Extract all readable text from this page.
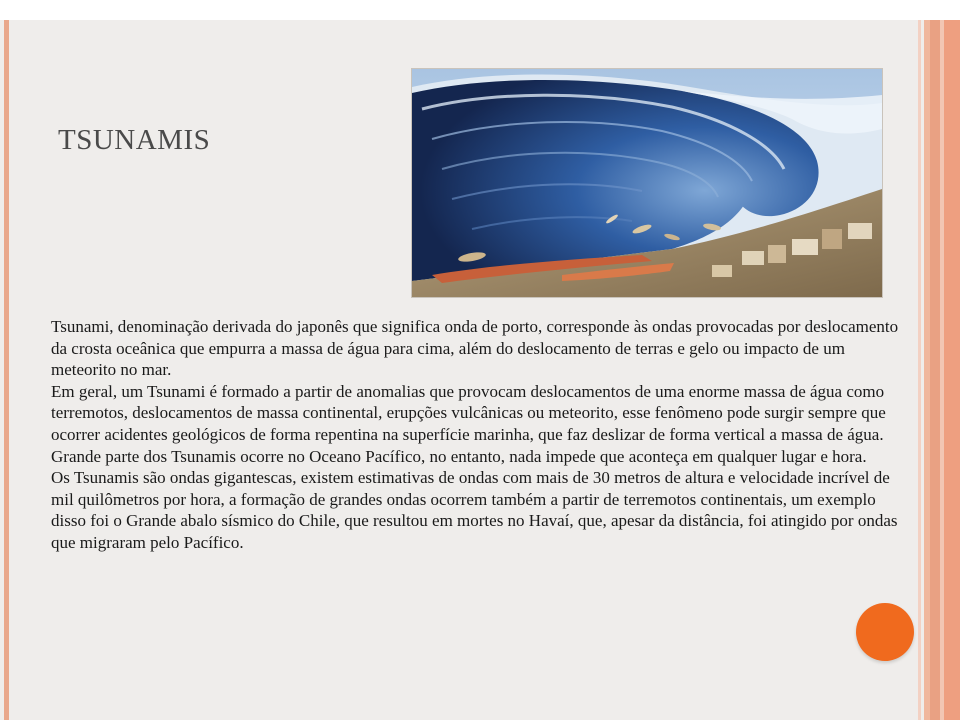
TSUNAMIS

Tsunami, denominação derivada do japonês que significa onda de porto, corresponde às ondas provocadas por deslocamento da crosta oceânica que empurra a massa de água para cima, além do deslocamento de terras e gelo ou impacto de um meteorito no mar.

Em geral, um Tsunami é formado a partir de anomalias que provocam deslocamentos de uma enorme massa de água como terremotos, deslocamentos de massa continental, erupções vulcânicas ou meteorito, esse fenômeno pode surgir sempre que ocorrer acidentes geológicos de forma repentina na superfície marinha, que faz deslizar de forma vertical a massa de água.

Grande parte dos Tsunamis ocorre no Oceano Pacífico, no entanto, nada impede que aconteça em qualquer lugar e hora.

Os Tsunamis são ondas gigantescas, existem estimativas de ondas com mais de 30 metros de altura e velocidade incrível de mil quilômetros por hora, a formação de grandes ondas ocorrem também a partir de terremotos continentais, um exemplo disso foi o Grande abalo sísmico do Chile, que resultou em mortes no Havaí, que, apesar da distância, foi atingido por ondas que migraram pelo Pacífico.
